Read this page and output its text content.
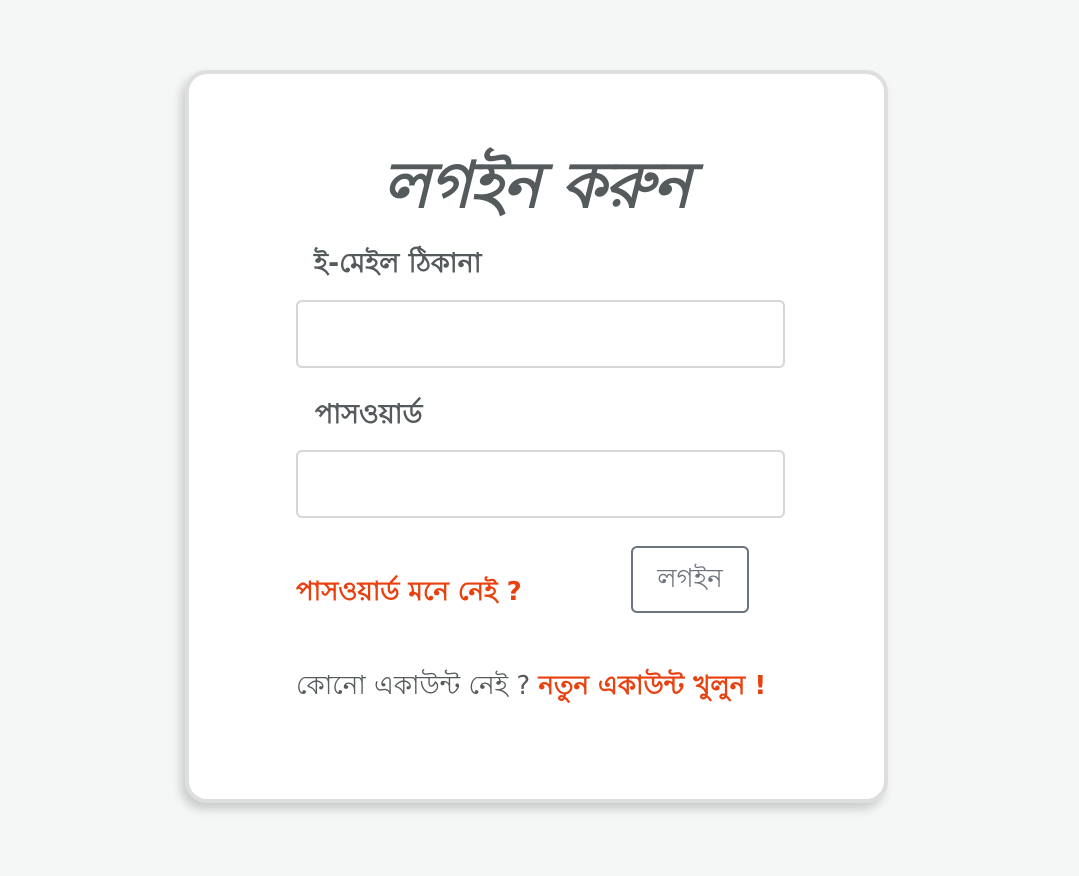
লগইন করুন
ই-মেইল ঠিকানা
পাসওয়ার্ড
পাসওয়ার্ড মনে নেই ?	লগইন
কোনো একাউন্ট নেই ? নতুন একাউন্ট খুলুন !
